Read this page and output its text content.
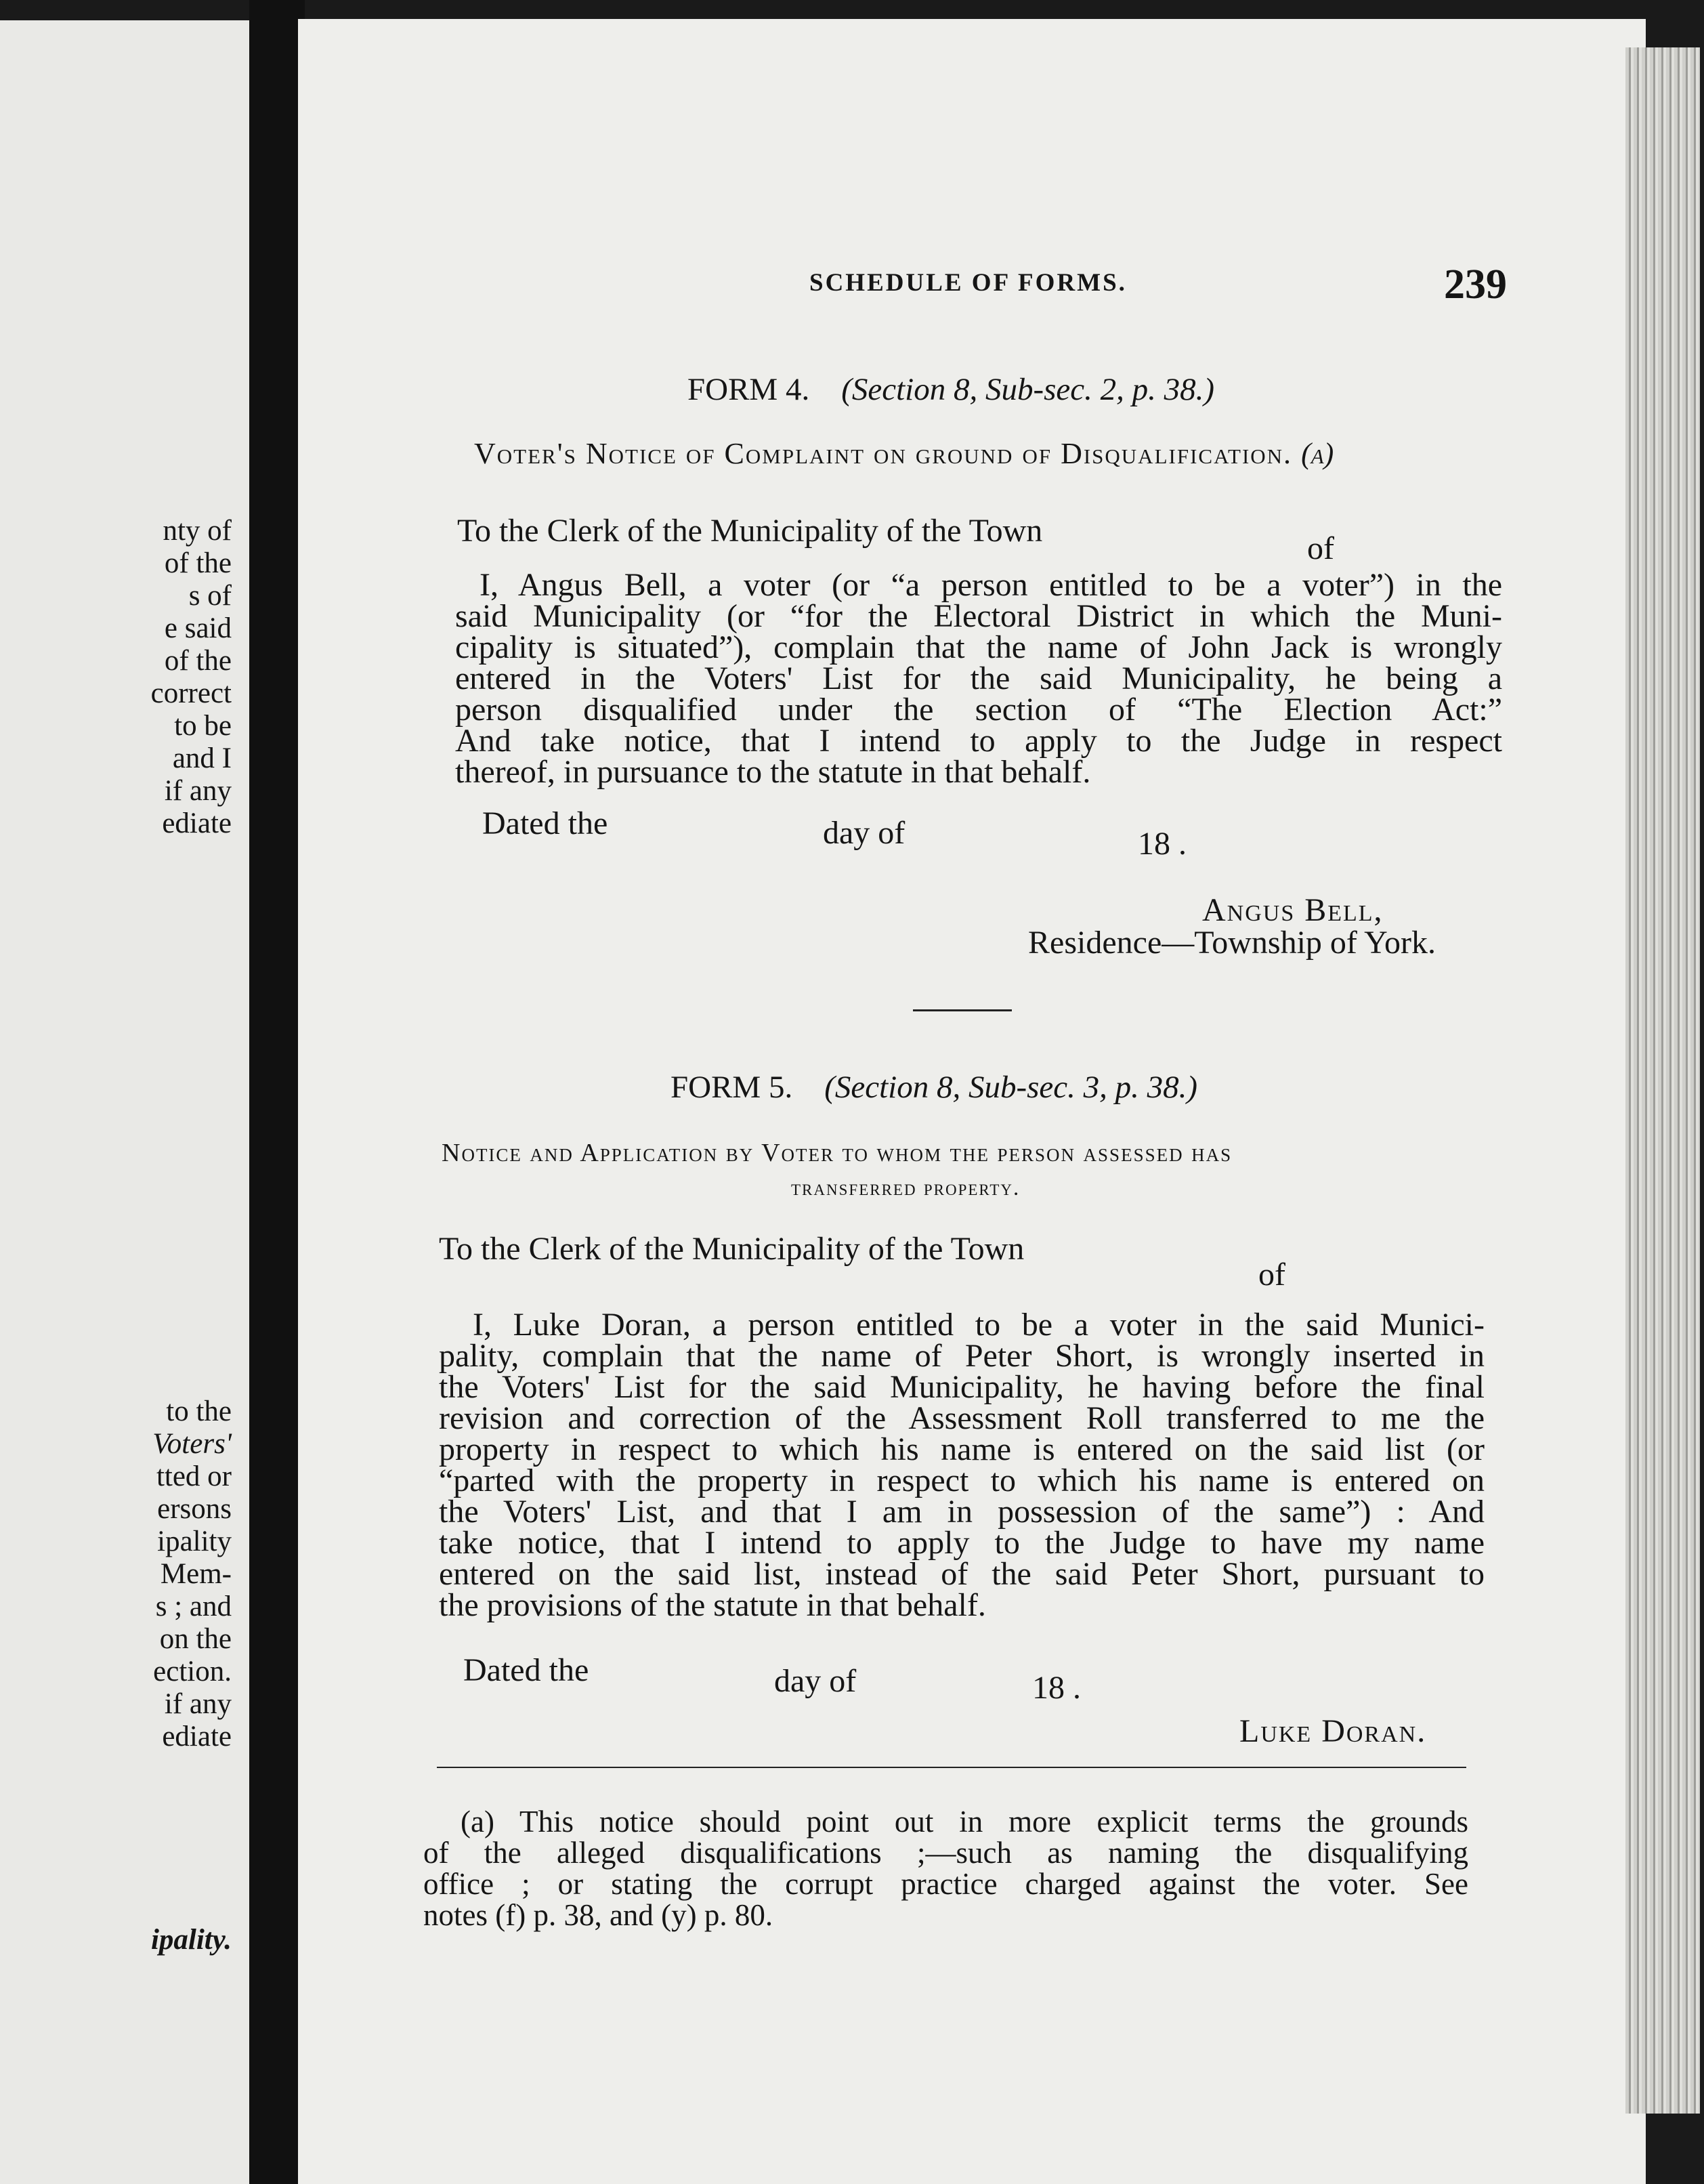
nty of
of the
s of
e said
of the
correct
to be
and I
if any
ediate
to the
Voters'
tted or
ersons
ipality
Mem-
s ; and
on the
ection.
if any
ediate
ipality.
SCHEDULE OF FORMS.	239
FORM 4. (Section 8, Sub-sec. 2, p. 38.)
Voter's Notice of Complaint on ground of Disqualification. (a)
To the Clerk of the Municipality of the Town	of
I, Angus Bell, a voter (or “a person entitled to be a voter”) in the
said Municipality (or “for the Electoral District in which the Muni-
cipality is situated”), complain that the name of John Jack is wrongly
entered in the Voters' List for the said Municipality, he being a
person disqualified under the section of “The Election Act:”
And take notice, that I intend to apply to the Judge in respect
thereof, in pursuance to the statute in that behalf.
Dated the	day of	18 .
Angus Bell,
Residence—Township of York.
FORM 5. (Section 8, Sub-sec. 3, p. 38.)
Notice and Application by Voter to whom the person assessed has
transferred property.
To the Clerk of the Municipality of the Town
of
I, Luke Doran, a person entitled to be a voter in the said Munici-
pality, complain that the name of Peter Short, is wrongly inserted in
the Voters' List for the said Municipality, he having before the final
revision and correction of the Assessment Roll transferred to me the
property in respect to which his name is entered on the said list (or
“parted with the property in respect to which his name is entered on
the Voters' List, and that I am in possession of the same”) : And
take notice, that I intend to apply to the Judge to have my name
entered on the said list, instead of the said Peter Short, pursuant to
the provisions of the statute in that behalf.
Dated the	day of	18 .
Luke Doran.
(a) This notice should point out in more explicit terms the grounds
of the alleged disqualifications ;—such as naming the disqualifying
office ; or stating the corrupt practice charged against the voter. See
notes (f) p. 38, and (y) p. 80.
